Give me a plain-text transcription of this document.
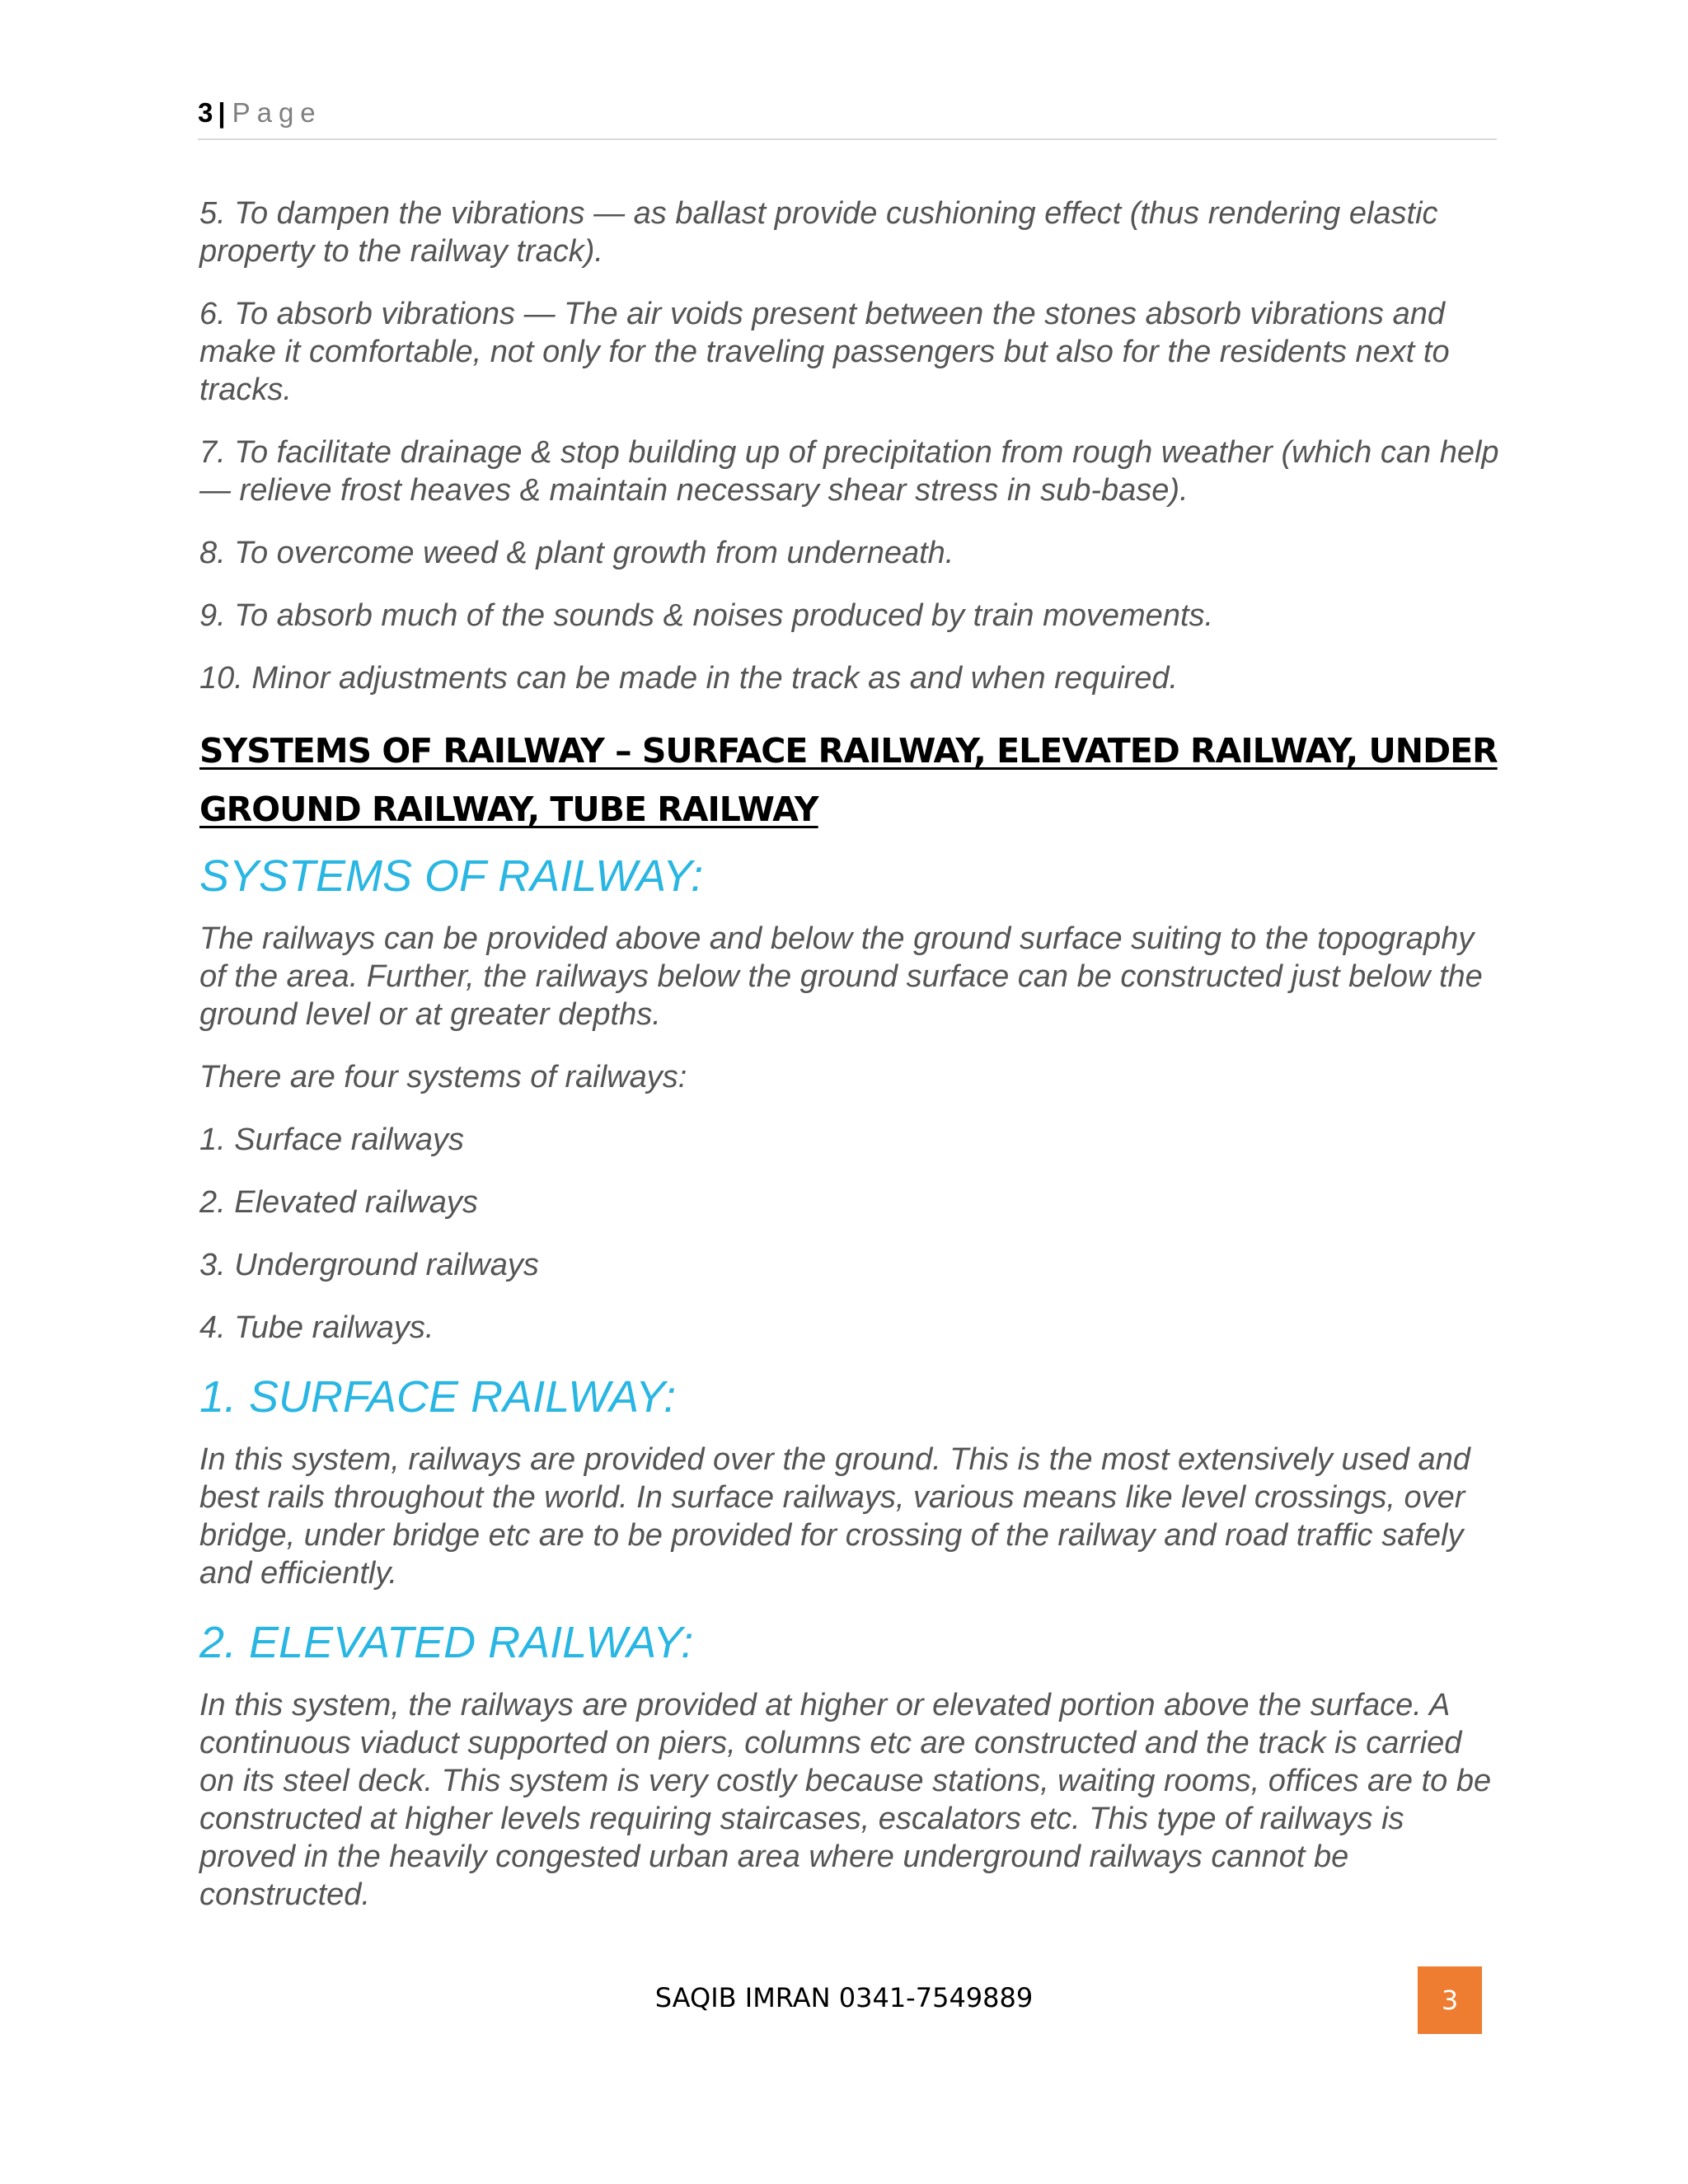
3 | Page

5. To dampen the vibrations — as ballast provide cushioning effect (thus rendering elastic property to the railway track).

6. To absorb vibrations — The air voids present between the stones absorb vibrations and make it comfortable, not only for the traveling passengers but also for the residents next to tracks.

7. To facilitate drainage & stop building up of precipitation from rough weather (which can help — relieve frost heaves & maintain necessary shear stress in sub-base).

8. To overcome weed & plant growth from underneath.

9. To absorb much of the sounds & noises produced by train movements.

10. Minor adjustments can be made in the track as and when required.

SYSTEMS OF RAILWAY – SURFACE RAILWAY, ELEVATED RAILWAY, UNDER GROUND RAILWAY, TUBE RAILWAY
SYSTEMS OF RAILWAY:

The railways can be provided above and below the ground surface suiting to the topography of the area. Further, the railways below the ground surface can be constructed just below the ground level or at greater depths.

There are four systems of railways:

1. Surface railways

2. Elevated railways

3. Underground railways

4. Tube railways.

1. SURFACE RAILWAY:

In this system, railways are provided over the ground. This is the most extensively used and best rails throughout the world. In surface railways, various means like level crossings, over bridge, under bridge etc are to be provided for crossing of the railway and road traffic safely and efficiently.

2. ELEVATED RAILWAY:

In this system, the railways are provided at higher or elevated portion above the surface. A continuous viaduct supported on piers, columns etc are constructed and the track is carried on its steel deck. This system is very costly because stations, waiting rooms, offices are to be constructed at higher levels requiring staircases, escalators etc. This type of railways is proved in the heavily congested urban area where underground railways cannot be constructed.

SAQIB IMRAN 0341-7549889	3
